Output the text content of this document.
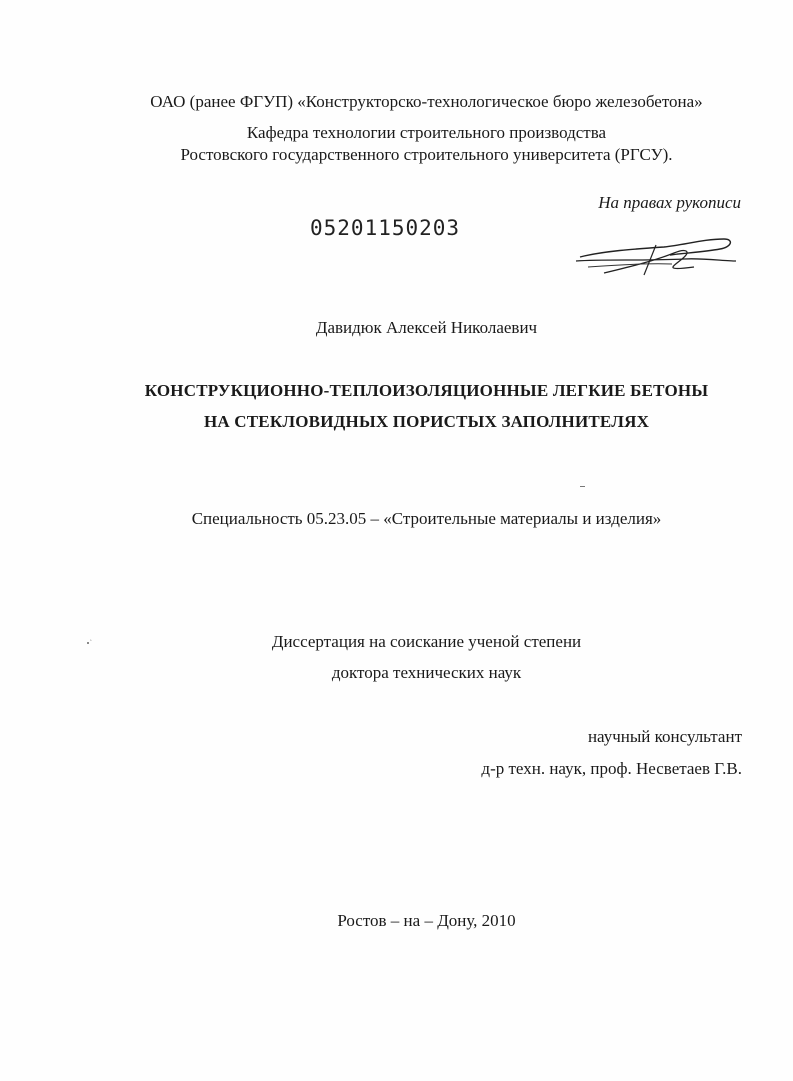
ОАО (ранее ФГУП) «Конструкторско-технологическое бюро железобетона»
Кафедра технологии строительного производства
Ростовского государственного строительного университета (РГСУ).
На правах рукописи
05201150203
Давидюк Алексей Николаевич
КОНСТРУКЦИОННО-ТЕПЛОИЗОЛЯЦИОННЫЕ ЛЕГКИЕ БЕТОНЫ
НА СТЕКЛОВИДНЫХ ПОРИСТЫХ ЗАПОЛНИТЕЛЯХ
Специальность 05.23.05 – «Строительные материалы и изделия»
Диссертация на соискание ученой степени
доктора технических наук
научный консультант
д-р техн. наук, проф. Несветаев Г.В.
Ростов – на – Дону, 2010
